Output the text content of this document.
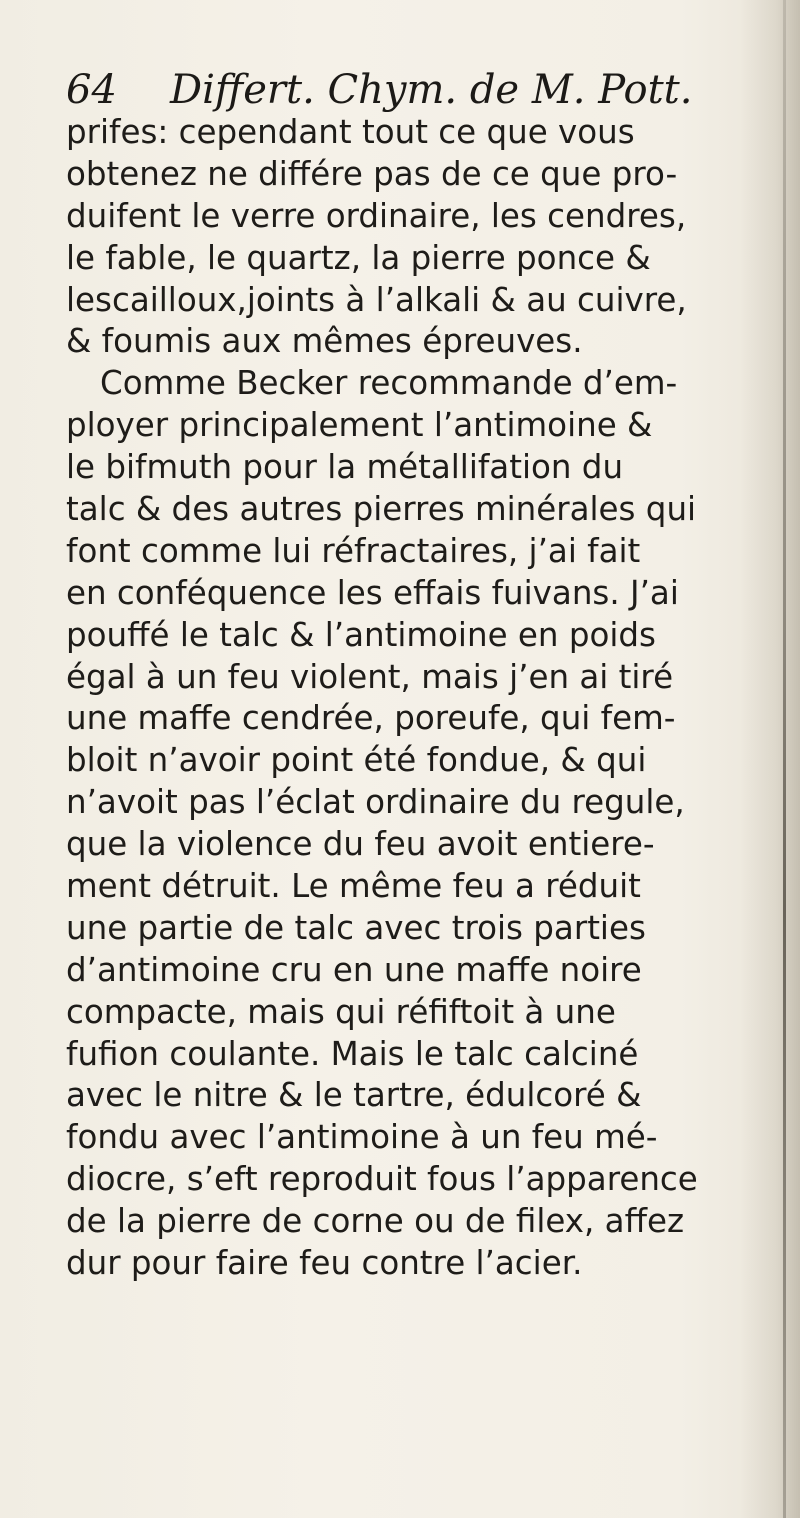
64 Differt. Chym. de M. Pott.
prifes: cependant tout ce que vous
obtenez ne différe pas de ce que pro-
duifent le verre ordinaire, les cendres,
le fable, le quartz, la pierre ponce &
lescailloux,joints à l’alkali & au cuivre,
& foumis aux mêmes épreuves.
Comme Becker recommande d’em-
ployer principalement l’antimoine &
le bifmuth pour la métallifation du
talc & des autres pierres minérales qui
font comme lui réfractaires, j’ai fait
en conféquence les effais fuivans. J’ai
pouffé le talc & l’antimoine en poids
égal à un feu violent, mais j’en ai tiré
une maffe cendrée, poreufe, qui fem-
bloit n’avoir point été fondue, & qui
n’avoit pas l’éclat ordinaire du regule,
que la violence du feu avoit entiere-
ment détruit. Le même feu a réduit
une partie de talc avec trois parties
d’antimoine cru en une maffe noire
compacte, mais qui réfiftoit à une
fufion coulante. Mais le talc calciné
avec le nitre & le tartre, édulcoré &
fondu avec l’antimoine à un feu mé-
diocre, s’eft reproduit fous l’apparence
de la pierre de corne ou de filex, affez
dur pour faire feu contre l’acier.
